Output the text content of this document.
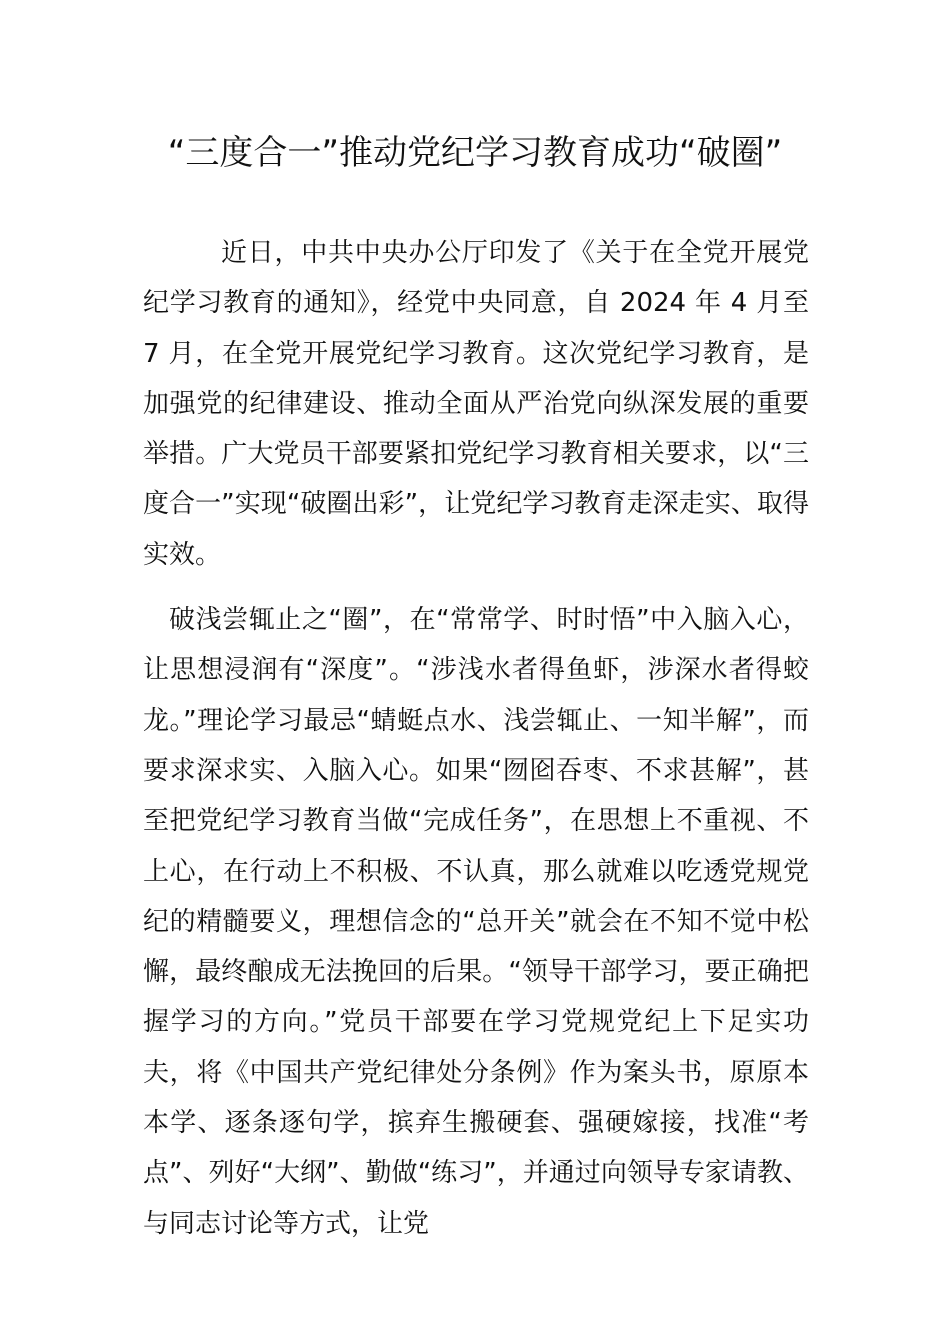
“三度合一”推动党纪学习教育成功“破圈”

近日，中共中央办公厅印发了《关于在全党开展党纪学习教育的通知》，经党中央同意，自 2024 年 4 月至 7 月，在全党开展党纪学习教育。这次党纪学习教育，是加强党的纪律建设、推动全面从严治党向纵深发展的重要举措。广大党员干部要紧扣党纪学习教育相关要求，以“三度合一”实现“破圈出彩”，让党纪学习教育走深走实、取得实效。

破浅尝辄止之“圈”，在“常常学、时时悟”中入脑入心，让思想浸润有“深度”。“涉浅水者得鱼虾，涉深水者得蛟龙。”理论学习最忌“蜻蜓点水、浅尝辄止、一知半解”，而要求深求实、入脑入心。如果“囫囵吞枣、不求甚解”，甚至把党纪学习教育当做“完成任务”，在思想上不重视、不上心，在行动上不积极、不认真，那么就难以吃透党规党纪的精髓要义，理想信念的“总开关”就会在不知不觉中松懈，最终酿成无法挽回的后果。“领导干部学习，要正确把握学习的方向。”党员干部要在学习党规党纪上下足实功夫，将《中国共产党纪律处分条例》作为案头书，原原本本学、逐条逐句学，摈弃生搬硬套、强硬嫁接，找准“考点”、列好“大纲”、勤做“练习”，并通过向领导专家请教、与同志讨论等方式，让党
